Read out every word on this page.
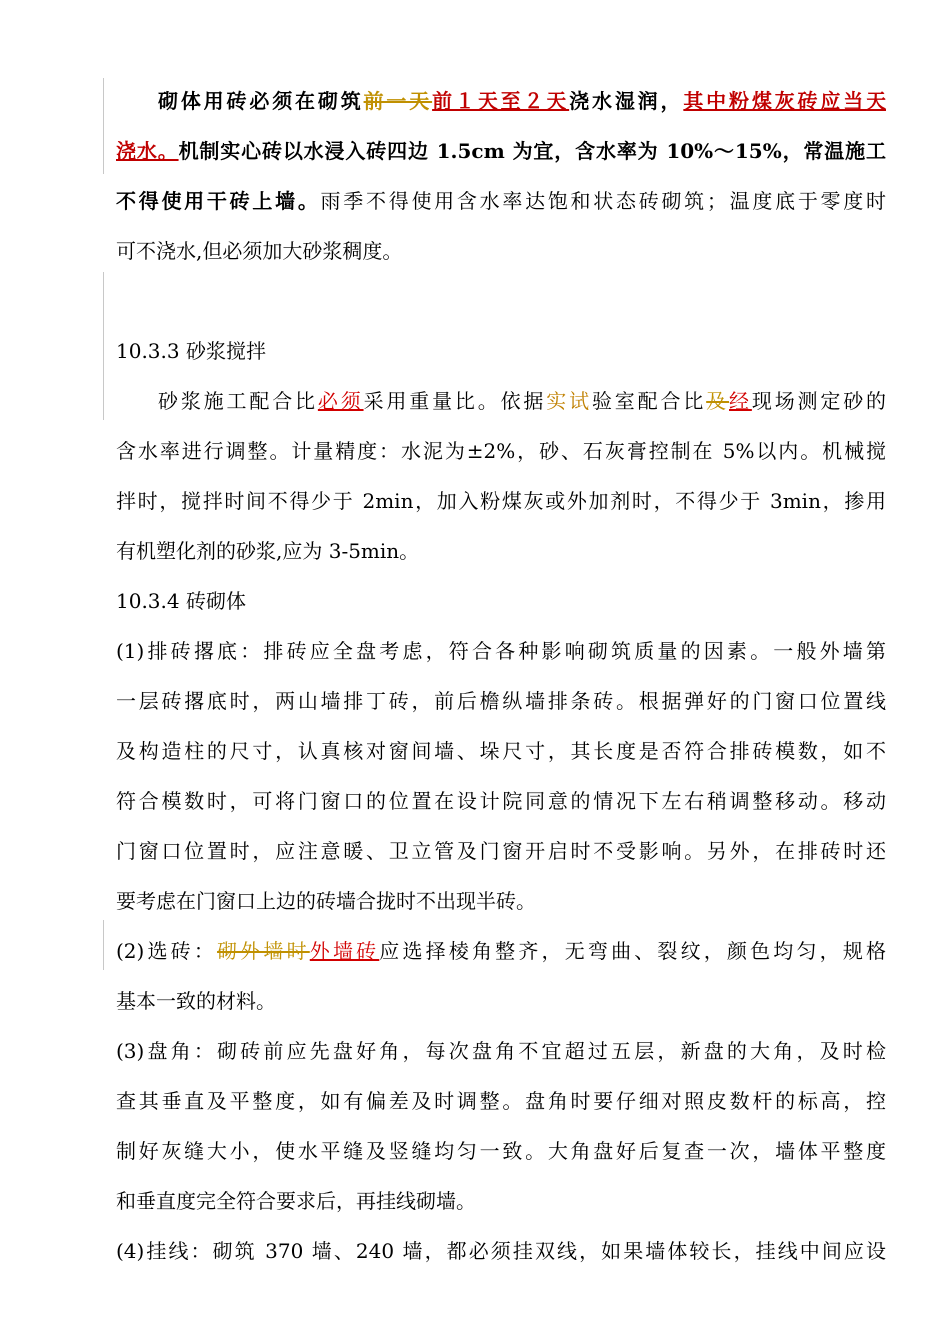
砌体用砖必须在砌筑前一天前１天至２天浇水湿润，其中粉煤灰砖应当天
浇水。机制实心砖以水浸入砖四边 1.5cm 为宜，含水率为 10%～15%，常温施工
不得使用干砖上墙。雨季不得使用含水率达饱和状态砖砌筑；温度底于零度时
可不浇水,但必须加大砂浆稠度。
10.3.3 砂浆搅拌
砂浆施工配合比必须采用重量比。依据实试验室配合比及经现场测定砂的
含水率进行调整。计量精度：水泥为±2%，砂、石灰膏控制在 5%以内。机械搅
拌时，搅拌时间不得少于 2min，加入粉煤灰或外加剂时，不得少于 3min，掺用
有机塑化剂的砂浆,应为 3-5min。
10.3.4 砖砌体
(1)排砖撂底：排砖应全盘考虑，符合各种影响砌筑质量的因素。一般外墙第
一层砖撂底时，两山墙排丁砖，前后檐纵墙排条砖。根据弹好的门窗口位置线
及构造柱的尺寸，认真核对窗间墙、垛尺寸，其长度是否符合排砖模数，如不
符合模数时，可将门窗口的位置在设计院同意的情况下左右稍调整移动。移动
门窗口位置时，应注意暖、卫立管及门窗开启时不受影响。另外，在排砖时还
要考虑在门窗口上边的砖墙合拢时不出现半砖。
(2)选砖：砌外墙时外墙砖应选择棱角整齐，无弯曲、裂纹，颜色均匀，规格
基本一致的材料。
(3)盘角：砌砖前应先盘好角，每次盘角不宜超过五层，新盘的大角，及时检
查其垂直及平整度，如有偏差及时调整。盘角时要仔细对照皮数杆的标高，控
制好灰缝大小，使水平缝及竖缝均匀一致。大角盘好后复查一次，墙体平整度
和垂直度完全符合要求后，再挂线砌墙。
(4)挂线：砌筑 370 墙、240 墙，都必须挂双线，如果墙体较长，挂线中间应设
